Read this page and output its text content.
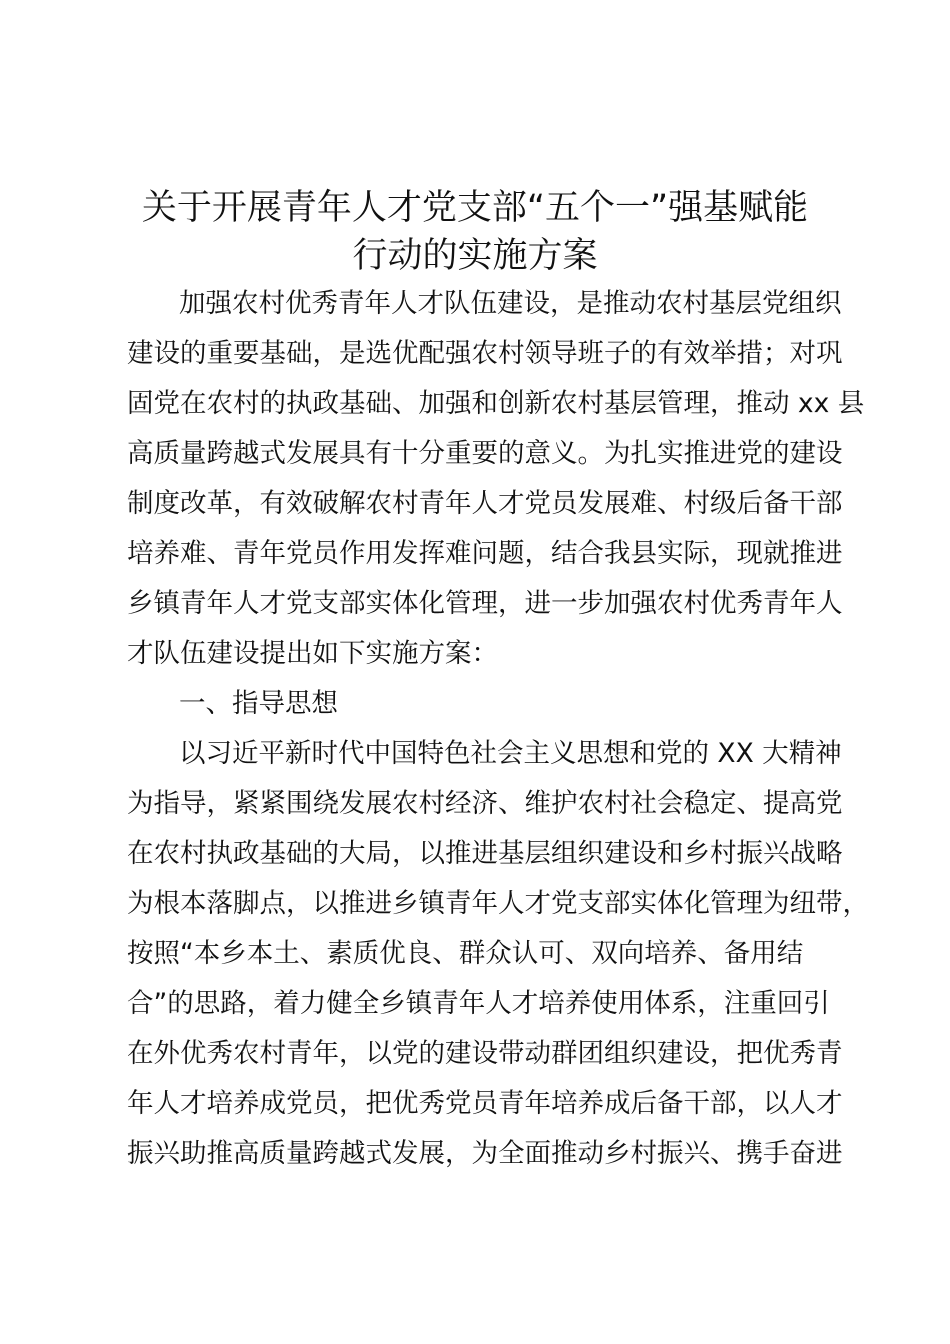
关于开展青年人才党支部“五个一”强基赋能
行动的实施方案
加强农村优秀青年人才队伍建设，是推动农村基层党组织
建设的重要基础，是选优配强农村领导班子的有效举措；对巩
固党在农村的执政基础、加强和创新农村基层管理，推动 xx 县
高质量跨越式发展具有十分重要的意义。为扎实推进党的建设
制度改革，有效破解农村青年人才党员发展难、村级后备干部
培养难、青年党员作用发挥难问题，结合我县实际，现就推进
乡镇青年人才党支部实体化管理，进一步加强农村优秀青年人
才队伍建设提出如下实施方案：
一、指导思想
以习近平新时代中国特色社会主义思想和党的 XX 大精神
为指导，紧紧围绕发展农村经济、维护农村社会稳定、提高党
在农村执政基础的大局，以推进基层组织建设和乡村振兴战略
为根本落脚点，以推进乡镇青年人才党支部实体化管理为纽带，
按照“本乡本土、素质优良、群众认可、双向培养、备用结
合”的思路，着力健全乡镇青年人才培养使用体系，注重回引
在外优秀农村青年，以党的建设带动群团组织建设，把优秀青
年人才培养成党员，把优秀党员青年培养成后备干部，以人才
振兴助推高质量跨越式发展，为全面推动乡村振兴、携手奋进
